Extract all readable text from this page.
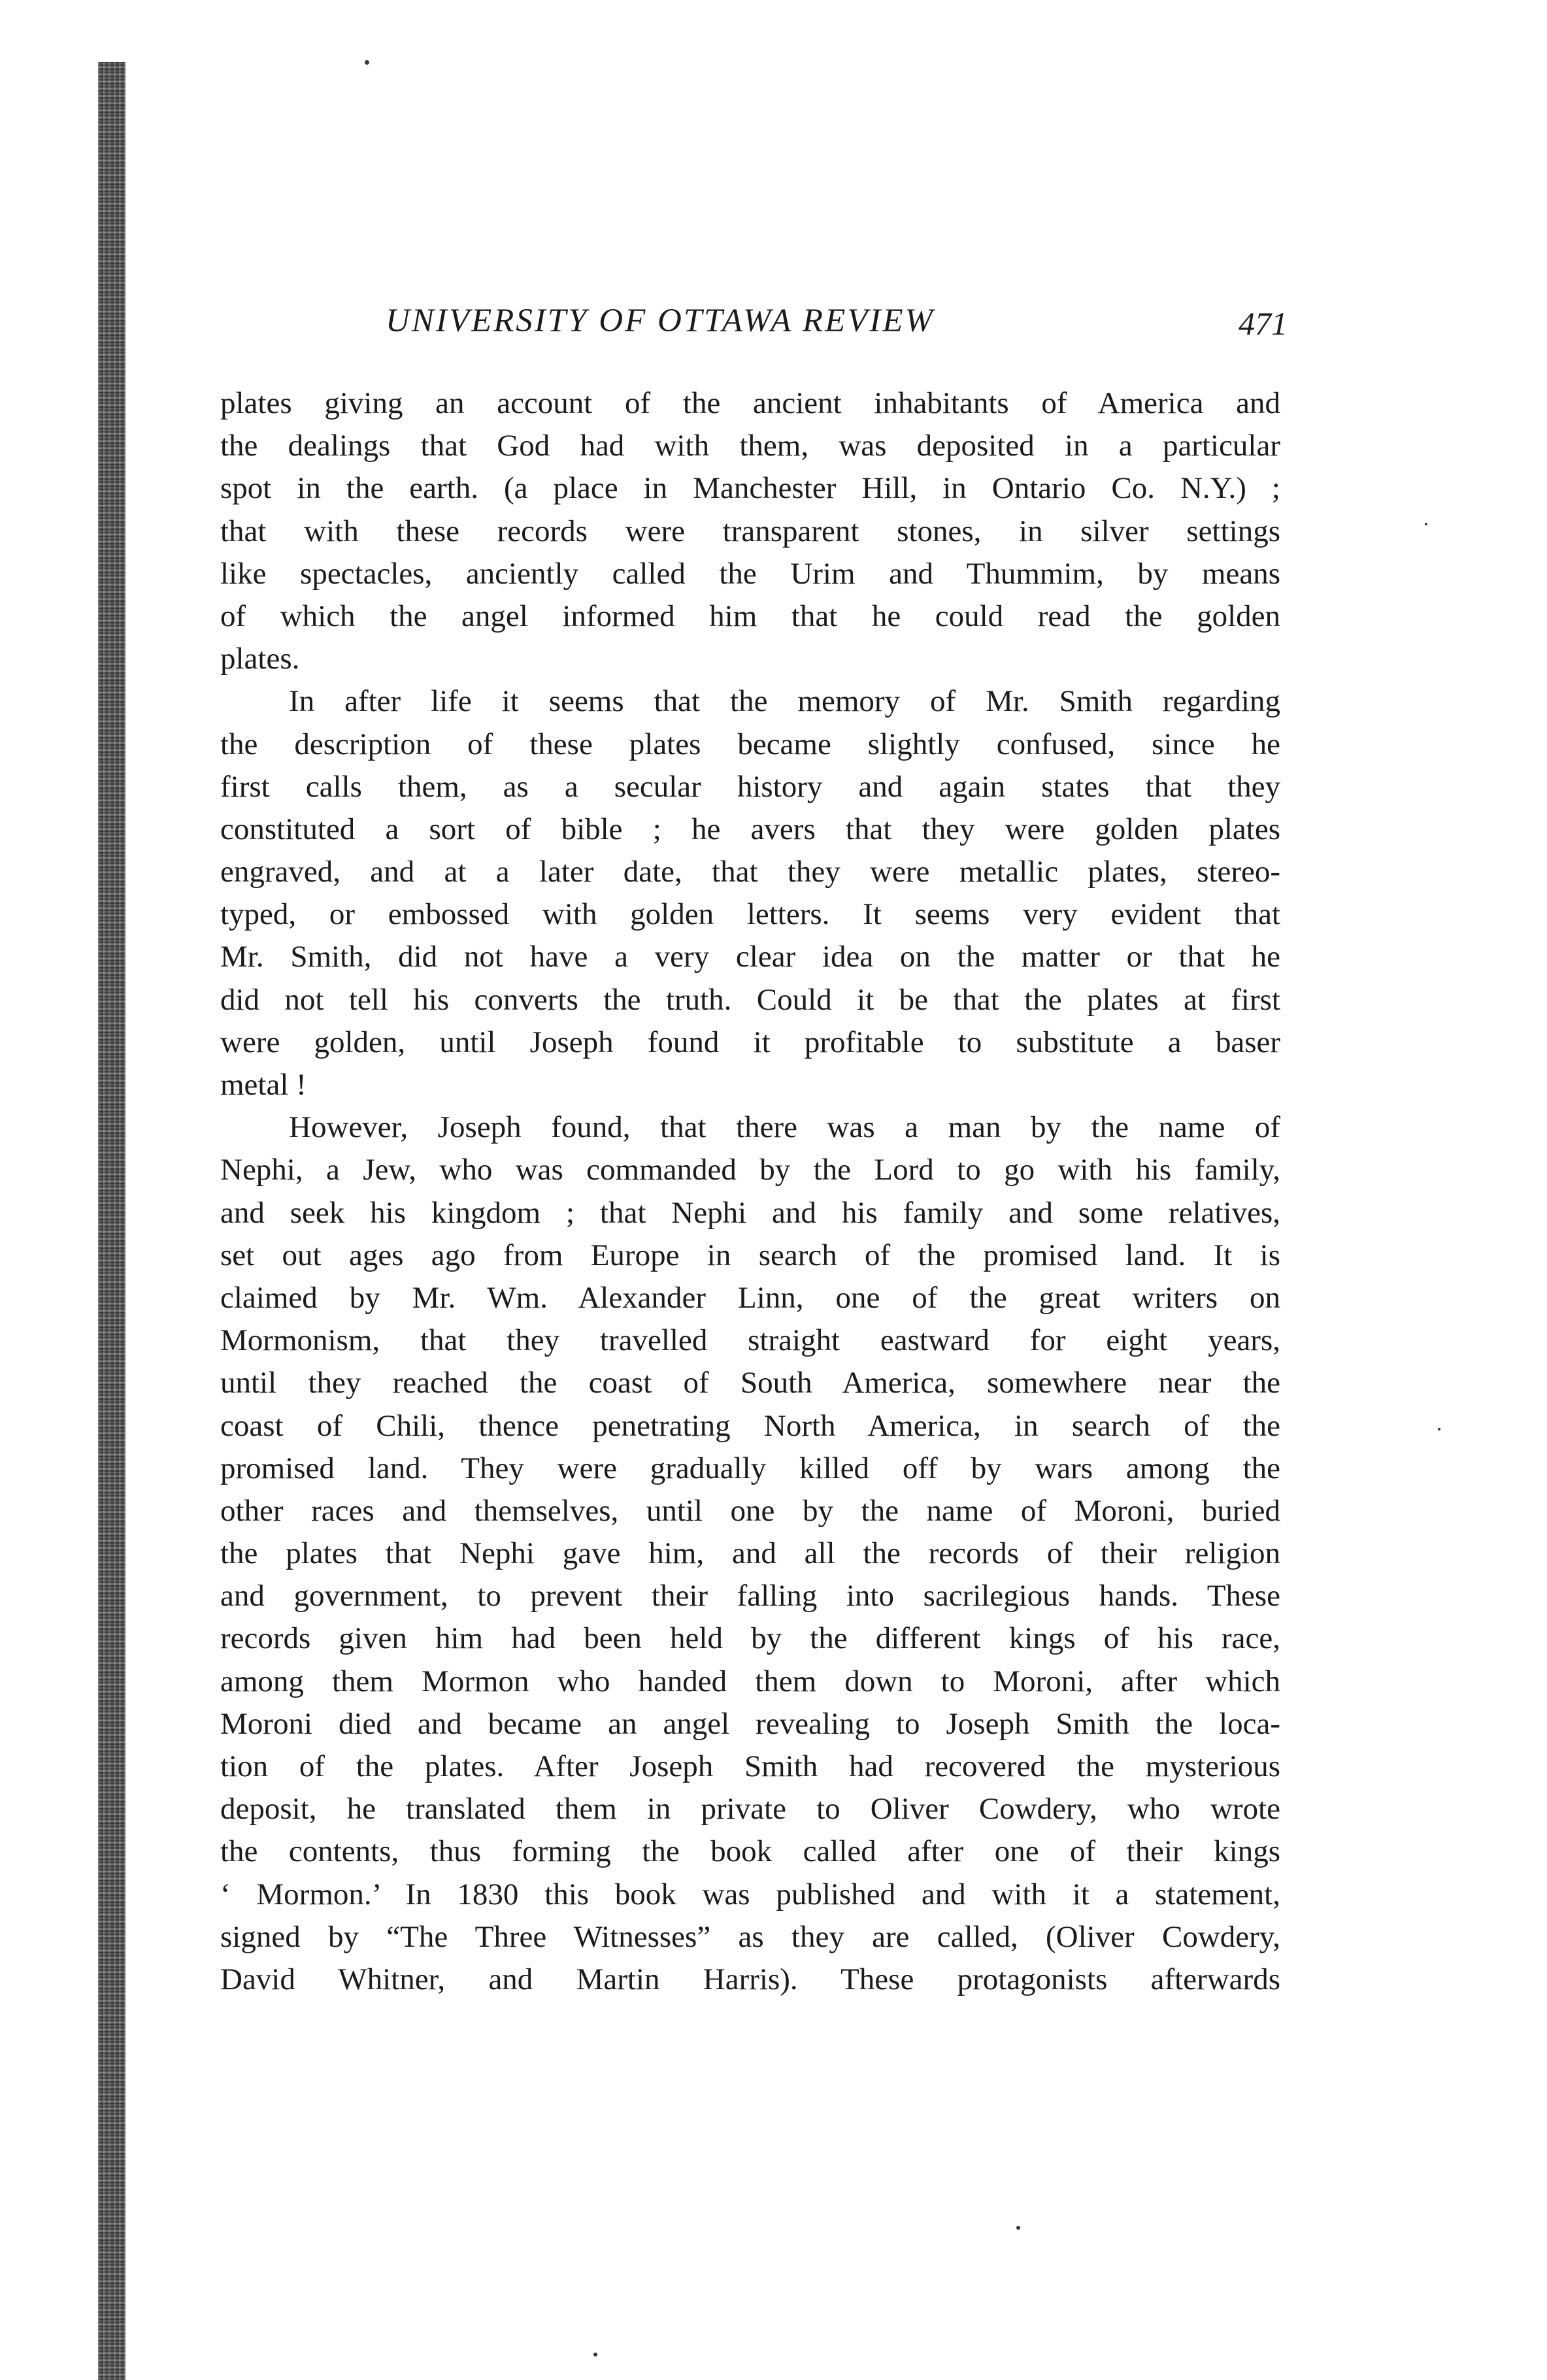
UNIVERSITY OF OTTAWA REVIEW	471
plates giving an account of the ancient inhabitants of America and
the dealings that God had with them, was deposited in a particular
spot in the earth. (a place in Manchester Hill, in Ontario Co. N.Y.) ;
that with these records were transparent stones, in silver settings
like spectacles, anciently called the Urim and Thummim, by means
of which the angel informed him that he could read the golden
plates.
In after life it seems that the memory of Mr. Smith regarding
the description of these plates became slightly confused, since he
first calls them, as a secular history and again states that they
constituted a sort of bible ; he avers that they were golden plates
engraved, and at a later date, that they were metallic plates, stereo-
typed, or embossed with golden letters. It seems very evident that
Mr. Smith, did not have a very clear idea on the matter or that he
did not tell his converts the truth. Could it be that the plates at first
were golden, until Joseph found it profitable to substitute a baser
metal !
However, Joseph found, that there was a man by the name of
Nephi, a Jew, who was commanded by the Lord to go with his family,
and seek his kingdom ; that Nephi and his family and some relatives,
set out ages ago from Europe in search of the promised land. It is
claimed by Mr. Wm. Alexander Linn, one of the great writers on
Mormonism, that they travelled straight eastward for eight years,
until they reached the coast of South America, somewhere near the
coast of Chili, thence penetrating North America, in search of the
promised land. They were gradually killed off by wars among the
other races and themselves, until one by the name of Moroni, buried
the plates that Nephi gave him, and all the records of their religion
and government, to prevent their falling into sacrilegious hands. These
records given him had been held by the different kings of his race,
among them Mormon who handed them down to Moroni, after which
Moroni died and became an angel revealing to Joseph Smith the loca-
tion of the plates. After Joseph Smith had recovered the mysterious
deposit, he translated them in private to Oliver Cowdery, who wrote
the contents, thus forming the book called after one of their kings
‘ Mormon.’ In 1830 this book was published and with it a statement,
signed by “The Three Witnesses” as they are called, (Oliver Cowdery,
David Whitner, and Martin Harris). These protagonists afterwards
